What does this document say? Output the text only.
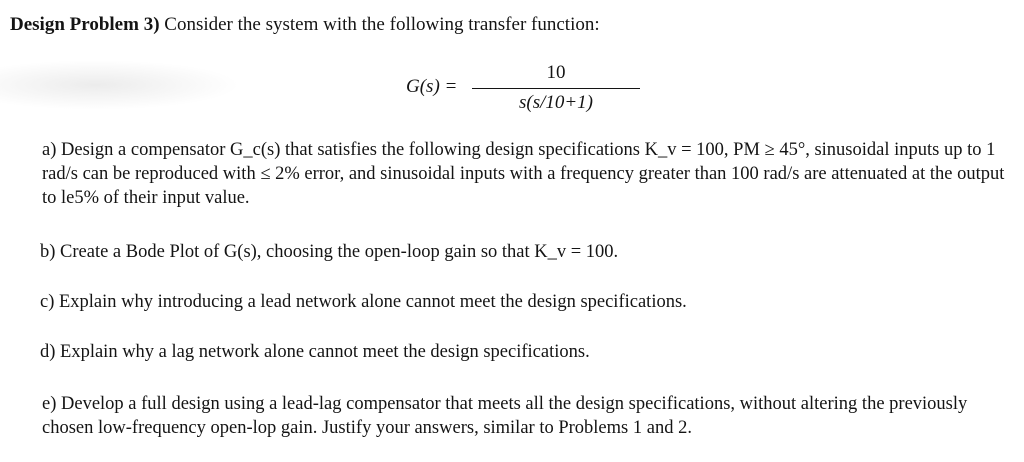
Design Problem 3) Consider the system with the following transfer function:
G(s) =
10
s(s/10+1)
a) Design a compensator G_c(s) that satisfies the following design specifications K_v = 100, PM ≥ 45°, sinusoidal inputs up to 1 rad/s can be reproduced with ≤ 2% error, and sinusoidal inputs with a frequency greater than 100 rad/s are attenuated at the output to le5% of their input value.
b) Create a Bode Plot of G(s), choosing the open-loop gain so that K_v = 100.
c) Explain why introducing a lead network alone cannot meet the design specifications.
d) Explain why a lag network alone cannot meet the design specifications.
e) Develop a full design using a lead-lag compensator that meets all the design specifications, without altering the previously chosen low-frequency open-lop gain. Justify your answers, similar to Problems 1 and 2.
